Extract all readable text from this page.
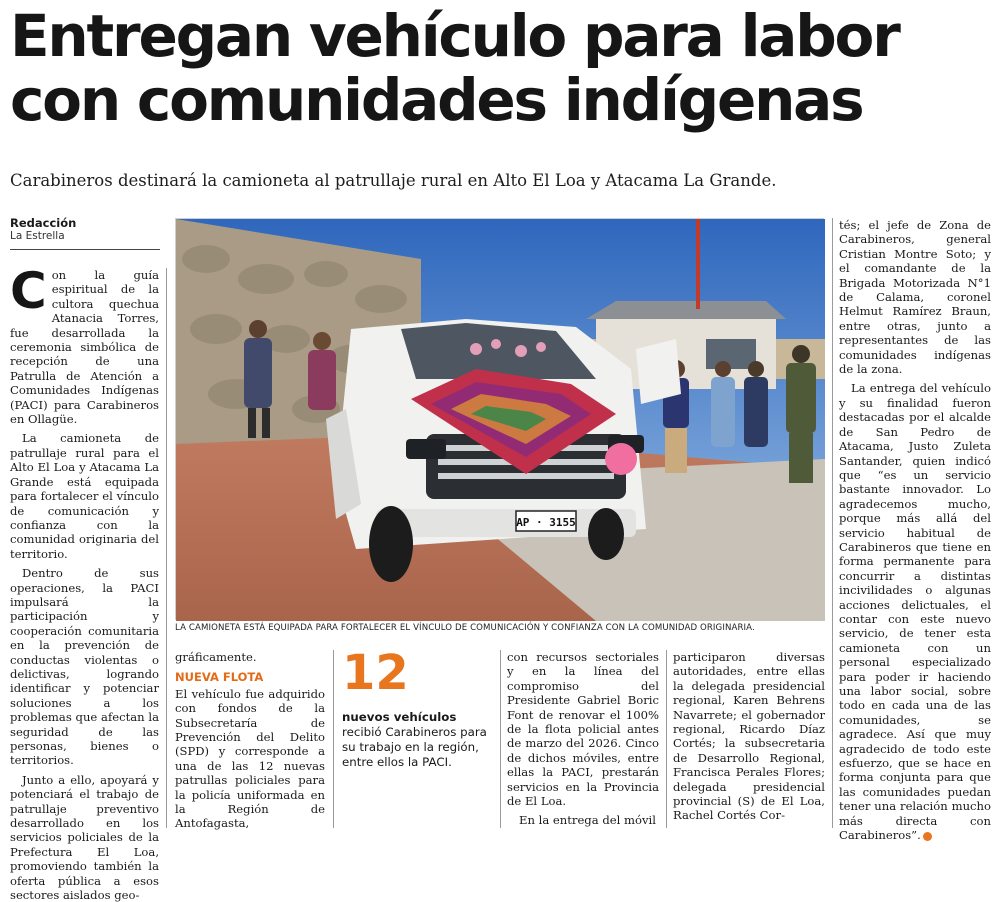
Entregan vehículo para labor
con comunidades indígenas
Carabineros destinará la camioneta al patrullaje rural en Alto El Loa y Atacama La Grande.
Redacción
La Estrella

Con la guía espiritual de la cultora quechua Atanacia Torres, fue desarrollada la ceremonia simbólica de recepción de una Patrulla de Atención a Comunidades Indígenas (PACI) para Carabineros en Ollagüe.

La camioneta de patrullaje rural para el Alto El Loa y Atacama La Grande está equipada para fortalecer el vínculo de comunicación y confianza con la comunidad originaria del territorio.

Dentro de sus operaciones, la PACI impulsará la participación y cooperación comunitaria en la prevención de conductas violentas o delictivas, logrando identificar y potenciar soluciones a los problemas que afectan la seguridad de las personas, bienes o territorios.

Junto a ello, apoyará y potenciará el trabajo de patrullaje preventivo desarrollado en los servicios policiales de la Prefectura El Loa, promoviendo también la oferta pública a esos sectores aislados geo-

AP · 3155
LA CAMIONETA ESTÁ EQUIPADA PARA FORTALECER EL VÍNCULO DE COMUNICACIÓN Y CONFIANZA CON LA COMUNIDAD ORIGINARIA.

gráficamente.

NUEVA FLOTA

El vehículo fue adquirido con fondos de la Subsecretaría de Prevención del Delito (SPD) y corresponde a una de las 12 nuevas patrullas policiales para la policía uniformada en la Región de Antofagasta,

12
nuevos vehículos recibió Carabineros para su trabajo en la región, entre ellos la PACI.

con recursos sectoriales y en la línea del compromiso del Presidente Gabriel Boric Font de renovar el 100% de la flota policial antes de marzo del 2026. Cinco de dichos móviles, entre ellas la PACI, prestarán servicios en la Provincia de El Loa.

En la entrega del móvil

participaron diversas autoridades, entre ellas la delegada presidencial regional, Karen Behrens Navarrete; el gobernador regional, Ricardo Díaz Cortés; la subsecretaria de Desarrollo Regional, Francisca Perales Flores; delegada presidencial provincial (S) de El Loa, Rachel Cortés Cor-

tés; el jefe de Zona de Carabineros, general Cristian Montre Soto; y el comandante de la Brigada Motorizada N°1 de Calama, coronel Helmut Ramírez Braun, entre otras, junto a representantes de las comunidades indígenas de la zona.

La entrega del vehículo y su finalidad fueron destacadas por el alcalde de San Pedro de Atacama, Justo Zuleta Santander, quien indicó que “es un servicio bastante innovador. Lo agradecemos mucho, porque más allá del servicio habitual de Carabineros que tiene en forma permanente para concurrir a distintas incivilidades o algunas acciones delictuales, el contar con este nuevo servicio, de tener esta camioneta con un personal especializado para poder ir haciendo una labor social, sobre todo en cada una de las comunidades, se agradece. Así que muy agradecido de todo este esfuerzo, que se hace en forma conjunta para que las comunidades puedan tener una relación mucho más directa con Carabineros”.
